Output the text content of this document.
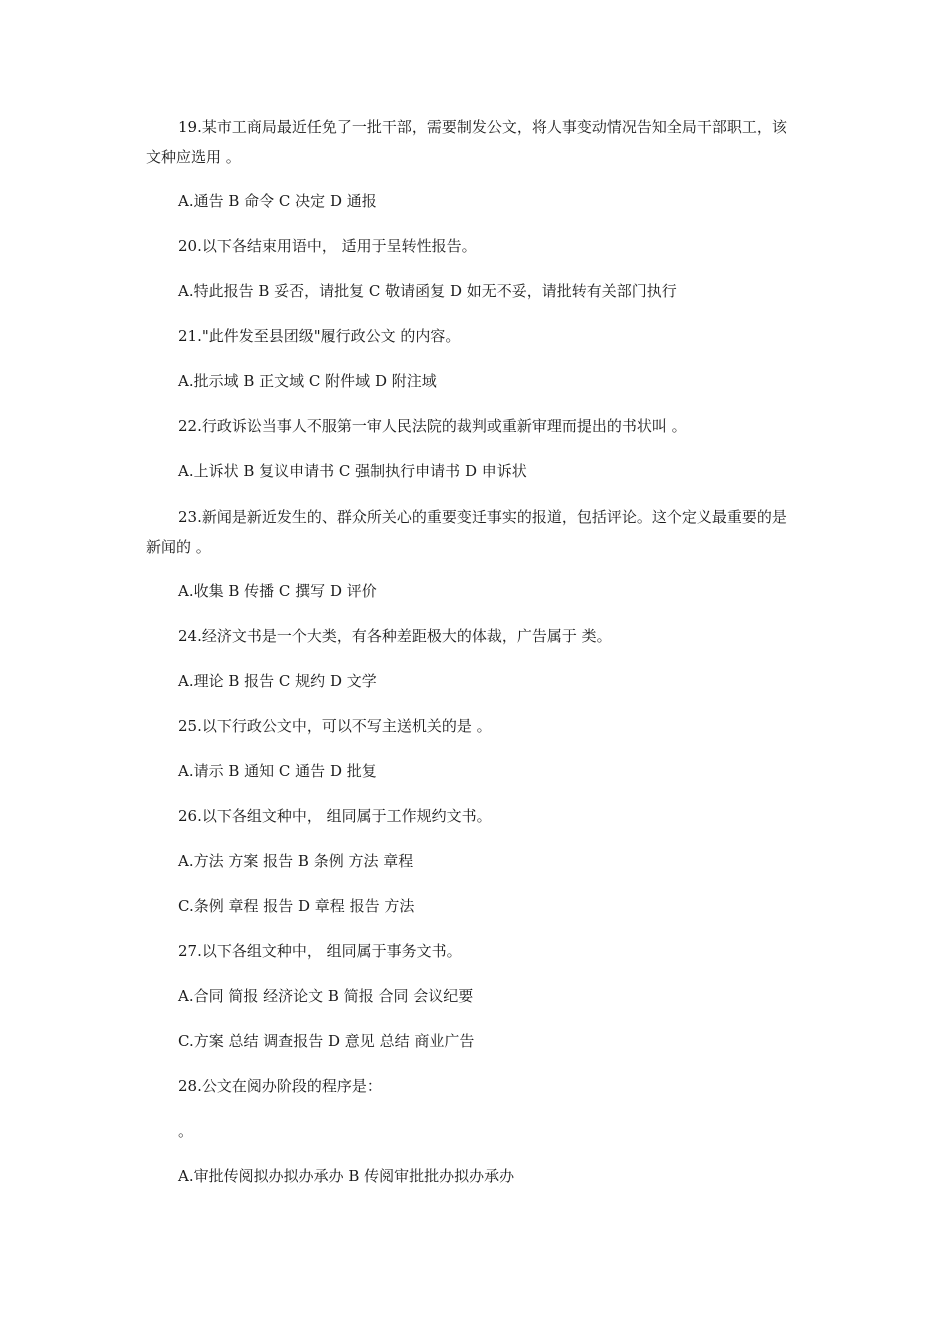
19.某市工商局最近任免了一批干部，需要制发公文，将人事变动情况告知全局干部职工，该文种应选用 。
A.通告 B 命令 C 决定 D 通报
20.以下各结束用语中， 适用于呈转性报告。
A.特此报告 B 妥否，请批复 C 敬请函复 D 如无不妥，请批转有关部门执行
21."此件发至县团级"履行政公文 的内容。
A.批示域 B 正文域 C 附件域 D 附注域
22.行政诉讼当事人不服第一审人民法院的裁判或重新审理而提出的书状叫 。
A.上诉状 B 复议申请书 C 强制执行申请书 D 申诉状
23.新闻是新近发生的、群众所关心的重要变迁事实的报道，包括评论。这个定义最重要的是新闻的 。
A.收集 B 传播 C 撰写 D 评价
24.经济文书是一个大类，有各种差距极大的体裁，广告属于 类。
A.理论 B 报告 C 规约 D 文学
25.以下行政公文中，可以不写主送机关的是 。
A.请示 B 通知 C 通告 D 批复
26.以下各组文种中， 组同属于工作规约文书。
A.方法 方案 报告 B 条例 方法 章程
C.条例 章程 报告 D 章程 报告 方法
27.以下各组文种中， 组同属于事务文书。
A.合同 简报 经济论文 B 简报 合同 会议纪要
C.方案 总结 调查报告 D 意见 总结 商业广告
28.公文在阅办阶段的程序是：
。
A.审批传阅拟办拟办承办 B 传阅审批批办拟办承办
